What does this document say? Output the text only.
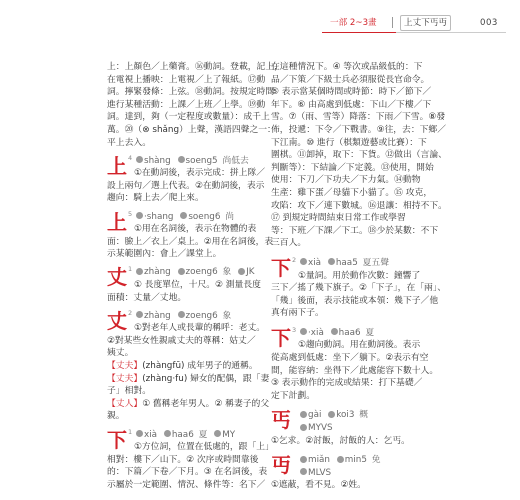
一部 2~3畫	上丈下丐丏	003
上：上顏色／上藥膏。⑯動詞。登載，記上，
在電視上播映：上電視／上了報紙。⑰動
詞。擰緊發條：上弦。⑱動詞。按規定時間
進行某種活動：上課／上班／上學。⑲動
詞。達到，夠（一定程度或數量）：成千上
萬。⑳（⊗ shǎng）上聲，漢語四聲之一：
平上去入。
上 4 shàng soeng5 尚低去
①在動詞後，表示完成：拼上隊／
設上兩句／選上代表。②在動詞後，表示
趨向：騎上去／爬上來。
上 5 ·shang soeng6 尚
①用在名詞後，表示在物體的表
面：臉上／衣上／桌上。②用在名詞後，表
示某範圍內：會上／課堂上。
丈 1 zhàng zoeng6 象 JK
① 長度單位，十尺。② 測量長度
面積：丈量／丈地。
丈 2 zhàng zoeng6 象
①對老年人或長輩的稱呼：老丈。
②對某些女性親戚丈夫的尊稱：姑丈／
姨丈。
【丈夫】(zhàngfū) 成年男子的通稱。
【丈夫】(zhàng·fu) 婦女的配偶，跟「妻
子」相對。
【丈人】① 舊稱老年男人。② 稱妻子的父
親。
下 1 xià haa6 夏 MY
①方位詞，位置在低處的，跟「上」
相對：樓下／山下。② 次序或時間靠後
的：下篇／下卷／下月。③ 在名詞後，表
示屬於一定範圍、情況、條件等：名下／
在這種情況下。④ 等次或品級低的：下
品／下策／下級士兵必須服從長官命令。
⑤ 表示當某個時間或時節：時下／節下／
年下。⑥ 由高處到低處：下山／下樓／下
雪。⑦（雨、雪等）降落：下雨／下雪。⑧發
佈，投遞：下令／下戰書。⑨往，去：下鄉／
下江南。⑩ 進行（棋類遊藝或比賽）：下
圍棋。⑪卸掉，取下：下貨。⑫做出（言論、
判斷等）：下結論／下定義。⑬使用，開始
使用：下刀／下功夫／下力氣。⑭動物
生產：雞下蛋／母貓下小貓了。⑮ 攻克，
攻陷：攻下／連下數城。⑯退讓：相持不下。
⑰ 到規定時間結束日常工作或學習
等：下班／下課／下工。⑱少於某數：不下
三百人。
下 2 xià haa5 夏五聲
①量詞。用於動作次數：鐘響了
三下／搖了幾下旗子。②「下子」，在「兩」、
「幾」後面，表示技能或本領：幾下子／他
真有兩下子。
下 3 ·xià haa6 夏
①趨向動詞。用在動詞後。表示
從高處到低處：坐下／躺下。②表示有空
間，能容納：坐得下／此處能容下數十人。
③ 表示動作的完成或結果：打下基礎／
定下計劃。
丐	gài koi3 概
MYVS
①乞求。②討飯，討飯的人：乞丐。
丏	miǎn min5 免
MLVS
①遮蔽，看不見。②姓。
